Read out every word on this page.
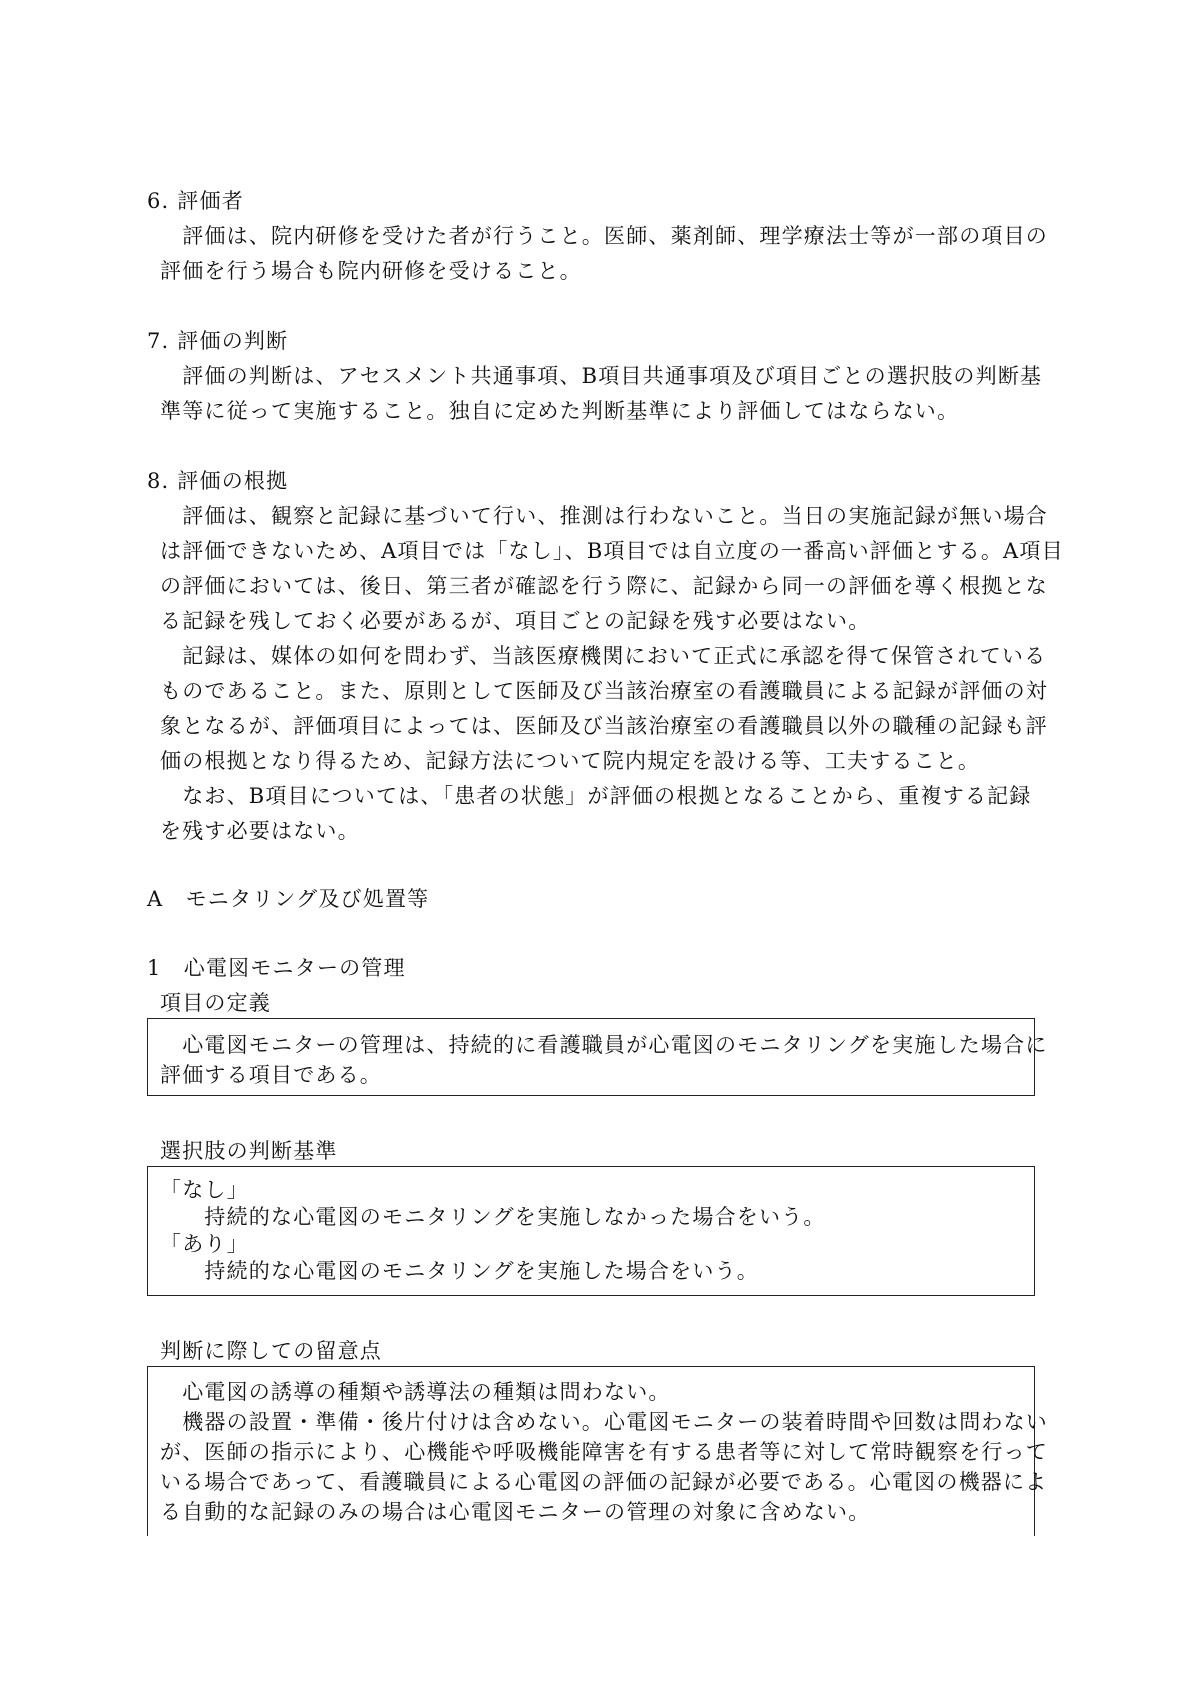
6. 評価者
　評価は、院内研修を受けた者が行うこと。医師、薬剤師、理学療法士等が一部の項目の
評価を行う場合も院内研修を受けること。
7. 評価の判断
　評価の判断は、アセスメント共通事項、B項目共通事項及び項目ごとの選択肢の判断基
準等に従って実施すること。独自に定めた判断基準により評価してはならない。
8. 評価の根拠
　評価は、観察と記録に基づいて行い、推測は行わないこと。当日の実施記録が無い場合
は評価できないため、A項目では「なし」、B項目では自立度の一番高い評価とする。A項目
の評価においては、後日、第三者が確認を行う際に、記録から同一の評価を導く根拠とな
る記録を残しておく必要があるが、項目ごとの記録を残す必要はない。
　記録は、媒体の如何を問わず、当該医療機関において正式に承認を得て保管されている
ものであること。また、原則として医師及び当該治療室の看護職員による記録が評価の対
象となるが、評価項目によっては、医師及び当該治療室の看護職員以外の職種の記録も評
価の根拠となり得るため、記録方法について院内規定を設ける等、工夫すること。
　なお、B項目については、「患者の状態」が評価の根拠となることから、重複する記録
を残す必要はない。
A　モニタリング及び処置等
1　心電図モニターの管理
項目の定義
　心電図モニターの管理は、持続的に看護職員が心電図のモニタリングを実施した場合に
評価する項目である。
選択肢の判断基準
「なし」
　　持続的な心電図のモニタリングを実施しなかった場合をいう。
「あり」
　　持続的な心電図のモニタリングを実施した場合をいう。
判断に際しての留意点
　心電図の誘導の種類や誘導法の種類は問わない。
　機器の設置・準備・後片付けは含めない。心電図モニターの装着時間や回数は問わない
が、医師の指示により、心機能や呼吸機能障害を有する患者等に対して常時観察を行って
いる場合であって、看護職員による心電図の評価の記録が必要である。心電図の機器によ
る自動的な記録のみの場合は心電図モニターの管理の対象に含めない。
